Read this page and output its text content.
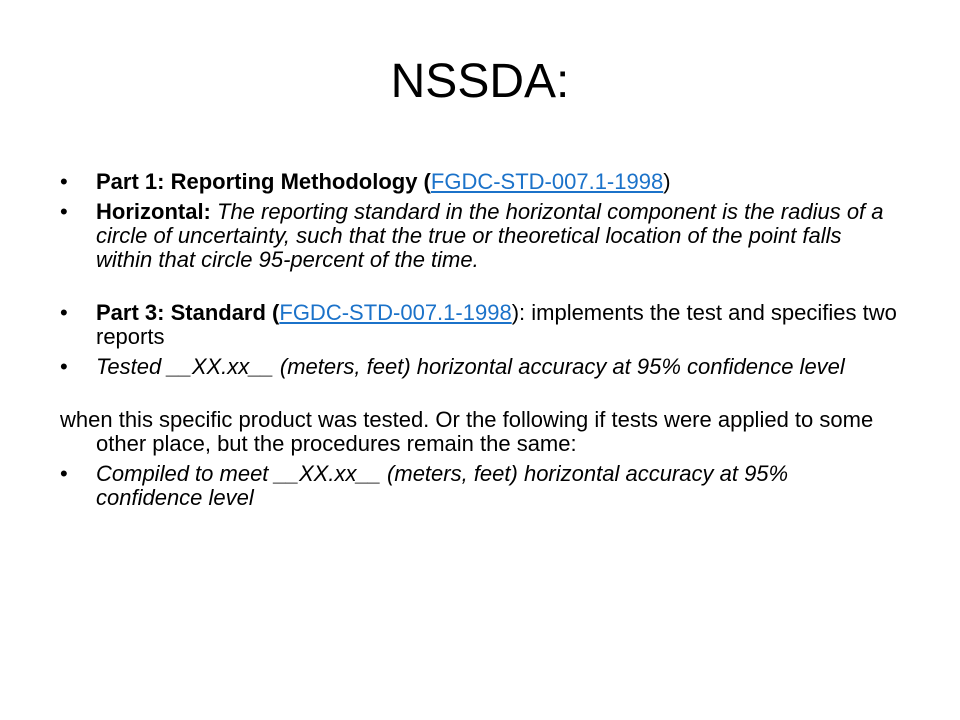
NSSDA:
• Part 1: Reporting Methodology (FGDC-STD-007.1-1998)
• Horizontal: The reporting standard in the horizontal component is the radius of a circle of uncertainty, such that the true or theoretical location of the point falls within that circle 95-percent of the time.
• Part 3: Standard (FGDC-STD-007.1-1998): implements the test and specifies two reports
• Tested __XX.xx__ (meters, feet) horizontal accuracy at 95% confidence level
when this specific product was tested. Or the following if tests were applied to some other place, but the procedures remain the same:
• Compiled to meet __XX.xx__ (meters, feet) horizontal accuracy at 95% confidence level
